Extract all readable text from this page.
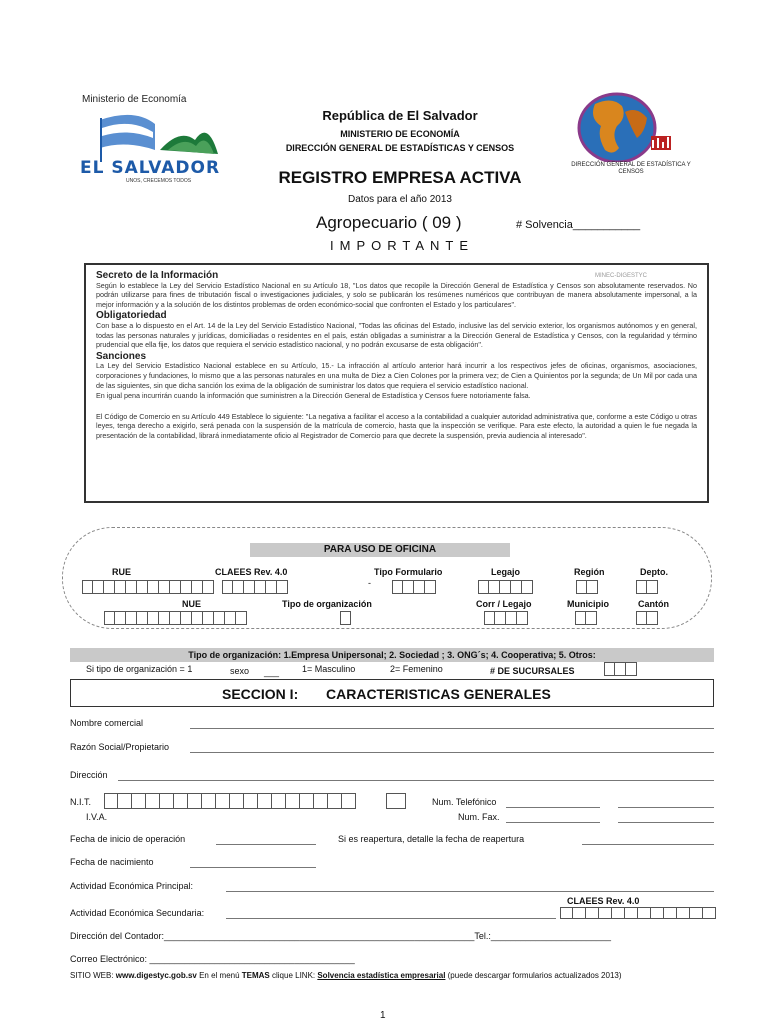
Ministerio de Economía
EL SALVADOR
UNOS, CRECEMOS TODOS
DIRECCIÓN GENERAL DE ESTADÍSTICA Y CENSOS
República de El Salvador
MINISTERIO DE ECONOMÍA
DIRECCIÓN GENERAL DE ESTADÍSTICAS Y CENSOS
REGISTRO EMPRESA ACTIVA
Datos para el año 2013
Agropecuario ( 09 )	# Solvencia___________
IMPORTANTE
MINEC-DIGESTYC
Secreto de la Información

Según lo establece la Ley del Servicio Estadístico Nacional en su Artículo 18, "Los datos que recopile la Dirección General de Estadística y Censos son absolutamente reservados. No podrán utilizarse para fines de tributación fiscal o investigaciones judiciales, y solo se publicarán los resúmenes numéricos que contribuyan de manera absolutamente impersonal, a la mejor información y a la solución de los distintos problemas de orden económico-social que confronten el Estado y los particulares".

Obligatoriedad

Con base a lo dispuesto en el Art. 14 de la Ley del Servicio Estadístico Nacional, "Todas las oficinas del Estado, inclusive las del servicio exterior, los organismos autónomos y en general, todas las personas naturales y jurídicas, domiciliadas o residentes en el país, están obligadas a suministrar a la Dirección General de Estadística y Censos, con la regularidad y término prudencial que ella fije, los datos que requiera el servicio estadístico nacional, y no podrán excusarse de esta obligación".

Sanciones

La Ley del Servicio Estadístico Nacional establece en su Artículo, 15.- La infracción al artículo anterior hará incurrir a los respectivos jefes de oficinas, organismos, asociaciones, corporaciones y fundaciones, lo mismo que a las personas naturales en una multa de Diez a Cien Colones por la primera vez; de Cien a Quinientos por la segunda; de Un Mil por cada una de las siguientes, sin que dicha sanción los exima de la obligación de suministrar los datos que requiera el servicio estadístico nacional.

En igual pena incurrirán cuando la información que suministren a la Dirección General de Estadística y Censos fuere notoriamente falsa.

El Código de Comercio en su Artículo 449 Establece lo siguiente: "La negativa a facilitar el acceso a la contabilidad a cualquier autoridad administrativa que, conforme a este Código u otras leyes, tenga derecho a exigirlo, será penada con la suspensión de la matrícula de comercio, hasta que la inspección se verifique. Para este efecto, la autoridad a quien le fue negada la presentación de la contabilidad, librará inmediatamente oficio al Registrador de Comercio para que decrete la suspensión, previa audiencia al interesado".

PARA USO DE OFICINA
RUE	CLAEES Rev. 4.0	Tipo Formulario	Legajo	Región	Depto.
-
NUE	Tipo de organización	Corr / Legajo	Municipio	Cantón
Tipo de organización: 1.Empresa Unipersonal; 2. Sociedad ; 3. ONG´s; 4. Cooperativa; 5. Otros:
Si tipo de organización = 1	sexo ___	1= Masculino	2= Femenino	# DE SUCURSALES
SECCION I: CARACTERISTICAS GENERALES
Nombre comercial
Razón Social/Propietario
Dirección
N.I.T.
I.V.A.
Num. Telefónico
Num. Fax.
Fecha de inicio de operación	Si es reapertura, detalle la fecha de reapertura
Fecha de nacimiento
Actividad Económica Principal:
CLAEES Rev. 4.0
Actividad Económica Secundaria:
Dirección del Contador:______________________________________________________________Tel.:________________________
Correo Electrónico: _________________________________________
SITIO WEB: www.digestyc.gob.sv En el menú TEMAS clique LINK: Solvencia estadística empresarial (puede descargar formularios actualizados 2013)
1
